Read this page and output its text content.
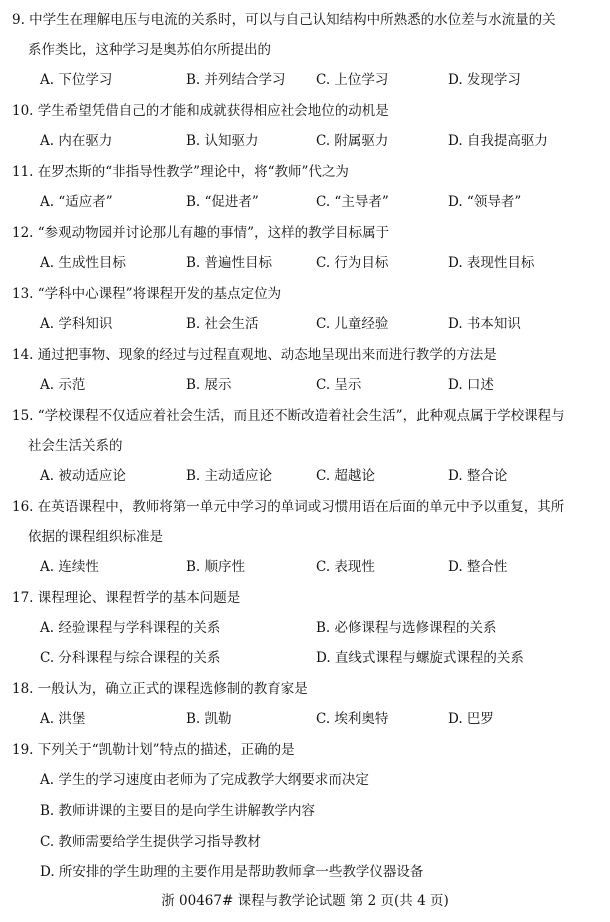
9. 中学生在理解电压与电流的关系时，可以与自己认知结构中所熟悉的水位差与水流量的关
系作类比，这种学习是奥苏伯尔所提出的
A. 下位学习	B. 并列结合学习 C. 上位学习	D. 发现学习
10. 学生希望凭借自己的才能和成就获得相应社会地位的动机是
A. 内在驱力	B. 认知驱力	C. 附属驱力	D. 自我提高驱力
11. 在罗杰斯的“非指导性教学”理论中，将“教师”代之为
A. “适应者”	B. “促进者”	C. “主导者”	D. “领导者”
12. “参观动物园并讨论那儿有趣的事情”，这样的教学目标属于
A. 生成性目标	B. 普遍性目标	C. 行为目标	D. 表现性目标
13. “学科中心课程”将课程开发的基点定位为
A. 学科知识	B. 社会生活	C. 儿童经验	D. 书本知识
14. 通过把事物、现象的经过与过程直观地、动态地呈现出来而进行教学的方法是
A. 示范	B. 展示	C. 呈示	D. 口述
15. “学校课程不仅适应着社会生活，而且还不断改造着社会生活”，此种观点属于学校课程与
社会生活关系的
A. 被动适应论	B. 主动适应论	C. 超越论	D. 整合论
16. 在英语课程中，教师将第一单元中学习的单词或习惯用语在后面的单元中予以重复，其所
依据的课程组织标准是
A. 连续性	B. 顺序性	C. 表现性	D. 整合性
17. 课程理论、课程哲学的基本问题是
A. 经验课程与学科课程的关系	B. 必修课程与选修课程的关系
C. 分科课程与综合课程的关系	D. 直线式课程与螺旋式课程的关系
18. 一般认为，确立正式的课程选修制的教育家是
A. 洪堡	B. 凯勒	C. 埃利奥特	D. 巴罗
19. 下列关于“凯勒计划”特点的描述，正确的是
A. 学生的学习速度由老师为了完成教学大纲要求而决定
B. 教师讲课的主要目的是向学生讲解教学内容
C. 教师需要给学生提供学习指导教材
D. 所安排的学生助理的主要作用是帮助教师拿一些教学仪器设备
浙 00467# 课程与教学论试题 第 2 页(共 4 页)
